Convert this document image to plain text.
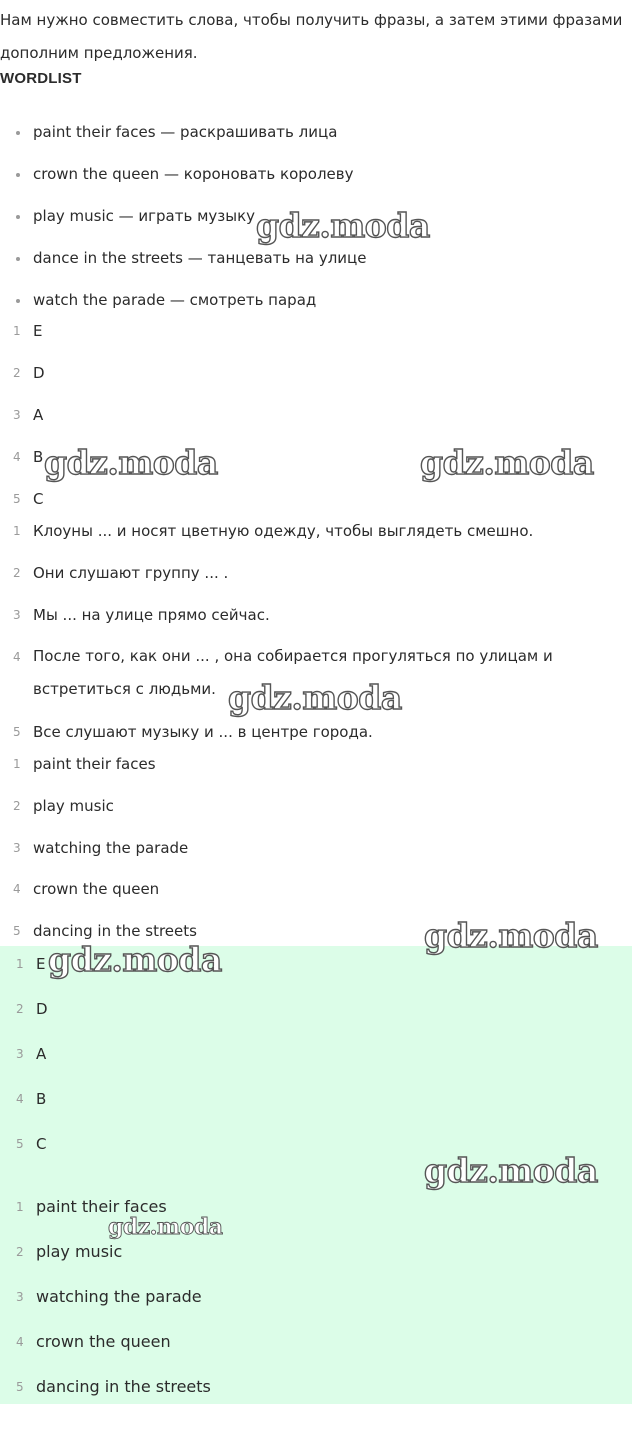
Нам нужно совместить слова, чтобы получить фразы, а затем этими фразами дополним предложения.

WORDLIST

paint their faces — раскрашивать лица
crown the queen — короновать королеву
play music — играть музыку
dance in the streets — танцевать на улице
watch the parade — смотреть парад
1 E
2 D
3 A
4 B
5 C
1 Клоуны ... и носят цветную одежду, чтобы выглядеть смешно.
2 Они слушают группу ... .
3 Мы ... на улице прямо сейчас.
4 После того, как они ... , она собирается прогуляться по улицам и встретиться с людьми.
5 Все слушают музыку и ... в центре города.
1 paint their faces
2 play music
3 watching the parade
4 crown the queen
5 dancing in the streets
1 E
2 D
3 A
4 B
5 C
1 paint their faces
2 play music
3 watching the parade
4 crown the queen
5 dancing in the streets
gdz.moda
gdz.moda	gdz.moda
gdz.moda
gdz.moda
gdz.moda
gdz.moda
gdz.moda
